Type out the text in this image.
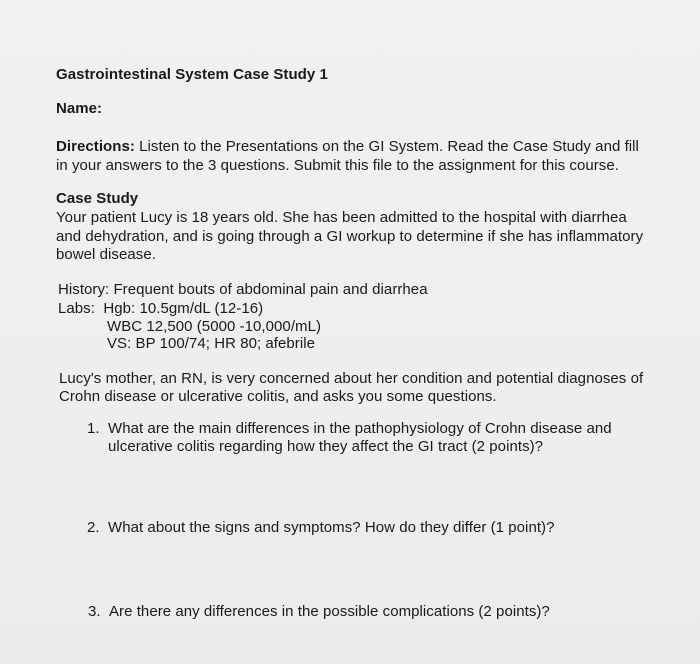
Gastrointestinal System Case Study 1
Name:
Directions: Listen to the Presentations on the GI System. Read the Case Study and fill
in your answers to the 3 questions. Submit this file to the assignment for this course.
Case Study
Your patient Lucy is 18 years old. She has been admitted to the hospital with diarrhea
and dehydration, and is going through a GI workup to determine if she has inflammatory
bowel disease.
History: Frequent bouts of abdominal pain and diarrhea
Labs:  Hgb: 10.5gm/dL (12-16)
WBC 12,500 (5000 -10,000/mL)
VS: BP 100/74; HR 80; afebrile
Lucy's mother, an RN, is very concerned about her condition and potential diagnoses of
Crohn disease or ulcerative colitis, and asks you some questions.
1. What are the main differences in the pathophysiology of Crohn disease and
ulcerative colitis regarding how they affect the GI tract (2 points)?
2. What about the signs and symptoms? How do they differ (1 point)?
3. Are there any differences in the possible complications (2 points)?
